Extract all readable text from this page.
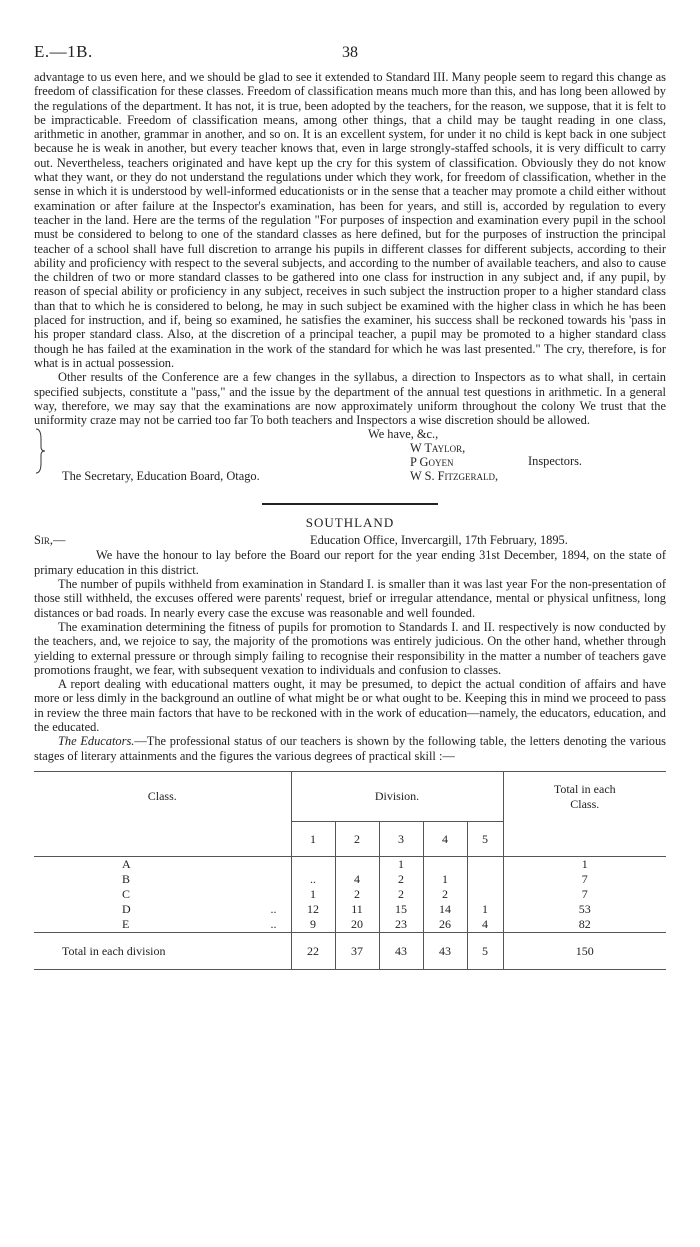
E.—1B.	38

advantage to us even here, and we should be glad to see it extended to Standard III. Many people seem to regard this change as freedom of classification for these classes. Freedom of classification means much more than this, and has long been allowed by the regulations of the department. It has not, it is true, been adopted by the teachers, for the reason, we suppose, that it is felt to be impracticable. Freedom of classification means, among other things, that a child may be taught reading in one class, arithmetic in another, grammar in another, and so on. It is an excellent system, for under it no child is kept back in one subject because he is weak in another, but every teacher knows that, even in large strongly-staffed schools, it is very difficult to carry out. Nevertheless, teachers originated and have kept up the cry for this system of classification. Obviously they do not know what they want, or they do not understand the regulations under which they work, for freedom of classification, whether in the sense in which it is understood by well-informed educationists or in the sense that a teacher may promote a child either without examination or after failure at the Inspector's examination, has been for years, and still is, accorded by regulation to every teacher in the land. Here are the terms of the regulation "For purposes of inspection and examination every pupil in the school must be considered to belong to one of the standard classes as here defined, but for the purposes of instruction the principal teacher of a school shall have full discretion to arrange his pupils in different classes for different subjects, according to their ability and proficiency with respect to the several subjects, and according to the number of available teachers, and also to cause the children of two or more standard classes to be gathered into one class for instruction in any subject and, if any pupil, by reason of special ability or proficiency in any subject, receives in such subject the instruction proper to a higher standard class than that to which he is considered to belong, he may in such subject be examined with the higher class in which he has been placed for instruction, and if, being so examined, he satisfies the examiner, his success shall be reckoned towards his 'pass in his proper standard class. Also, at the discretion of a principal teacher, a pupil may be promoted to a higher standard class though he has failed at the examination in the work of the standard for which he was last presented." The cry, therefore, is for what is in actual possession.

Other results of the Conference are a few changes in the syllabus, a direction to Inspectors as to what shall, in certain specified subjects, constitute a "pass," and the issue by the department of the annual test questions in arithmetic. In a general way, therefore, we may say that the examinations are now approximately uniform throughout the colony We trust that the uniformity craze may not be carried too far To both teachers and Inspectors a wise discretion should be allowed.

We have, &c.,
W Taylor,
P Goyen
W S. Fitzgerald,
Inspectors.
The Secretary, Education Board, Otago.
SOUTHLAND
Sir,—	Education Office, Invercargill, 17th February, 1895.

We have the honour to lay before the Board our report for the year ending 31st December, 1894, on the state of primary education in this district.

The number of pupils withheld from examination in Standard I. is smaller than it was last year For the non-presentation of those still withheld, the excuses offered were parents' request, brief or irregular attendance, mental or physical unfitness, long distances or bad roads. In nearly every case the excuse was reasonable and well founded.

The examination determining the fitness of pupils for promotion to Standards I. and II. respectively is now conducted by the teachers, and, we rejoice to say, the majority of the promotions was entirely judicious. On the other hand, whether through yielding to external pressure or through simply failing to recognise their responsibility in the matter a number of teachers gave promotions fraught, we fear, with subsequent vexation to individuals and confusion to classes.

A report dealing with educational matters ought, it may be presumed, to depict the actual condition of affairs and have more or less dimly in the background an outline of what might be or what ought to be. Keeping this in mind we proceed to pass in review the three main factors that have to be reckoned with in the work of education—namely, the educators, education, and the educated.

The Educators.—The professional status of our teachers is shown by the following table, the letters denoting the various stages of literary attainments and the figures the various degrees of practical skill :—

Class.	Division.					Total in each Class.
		1	2	3	4	5	
	A			1			1
	B	..	4	2	1		7
	C	1	2	2	2		7
	D ..	12	11	15	14	1	53
	E ..	9	20	23	26	4	82
	Total in each division	22	37	43	43	5	150
